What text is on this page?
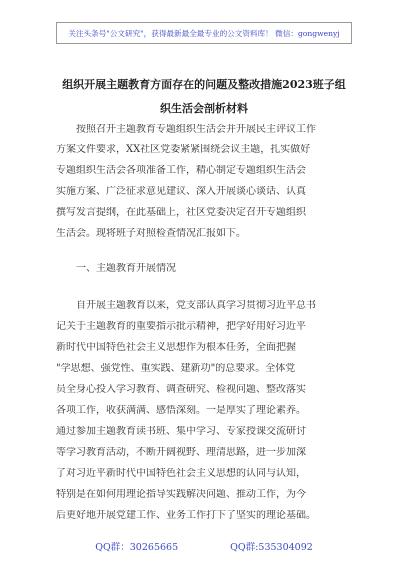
关注头条号"公文研究"，获得最新最全最专业的公文资料库！ 微信：gongwenyj
组织开展主题教育方面存在的问题及整改措施2023班子组
织生活会剖析材料
　　按照召开主题教育专题组织生活会并开展民主评议工作
方案文件要求，XX社区党委紧紧围绕会议主题，扎实做好
专题组织生活会各项准备工作，精心制定专题组织生活会
实施方案、广泛征求意见建议、深入开展谈心谈话、认真
撰写发言提纲，在此基础上，社区党委决定召开专题组织
生活会。现将班子对照检查情况汇报如下。
　　一、主题教育开展情况
　　自开展主题教育以来，党支部认真学习贯彻习近平总书
记关于主题教育的重要指示批示精神，把学好用好习近平
新时代中国特色社会主义思想作为根本任务，全面把握
"学思想、强党性、重实践、建新功"的总要求。全体党
员全身心投入学习教育、调查研究、检视问题、整改落实
各项工作，收获满满、感悟深刻。一是厚实了理论素养。
通过参加主题教育读书班、集中学习、专家授课交流研讨
等学习教育活动，不断开阔视野、理清思路，进一步加深
了对习近平新时代中国特色社会主义思想的认同与认知，
特别是在如何用理论指导实践解决问题、推动工作，为今
后更好地开展党建工作、业务工作打下了坚实的理论基础。
QQ群：30265665	QQ群:535304092
